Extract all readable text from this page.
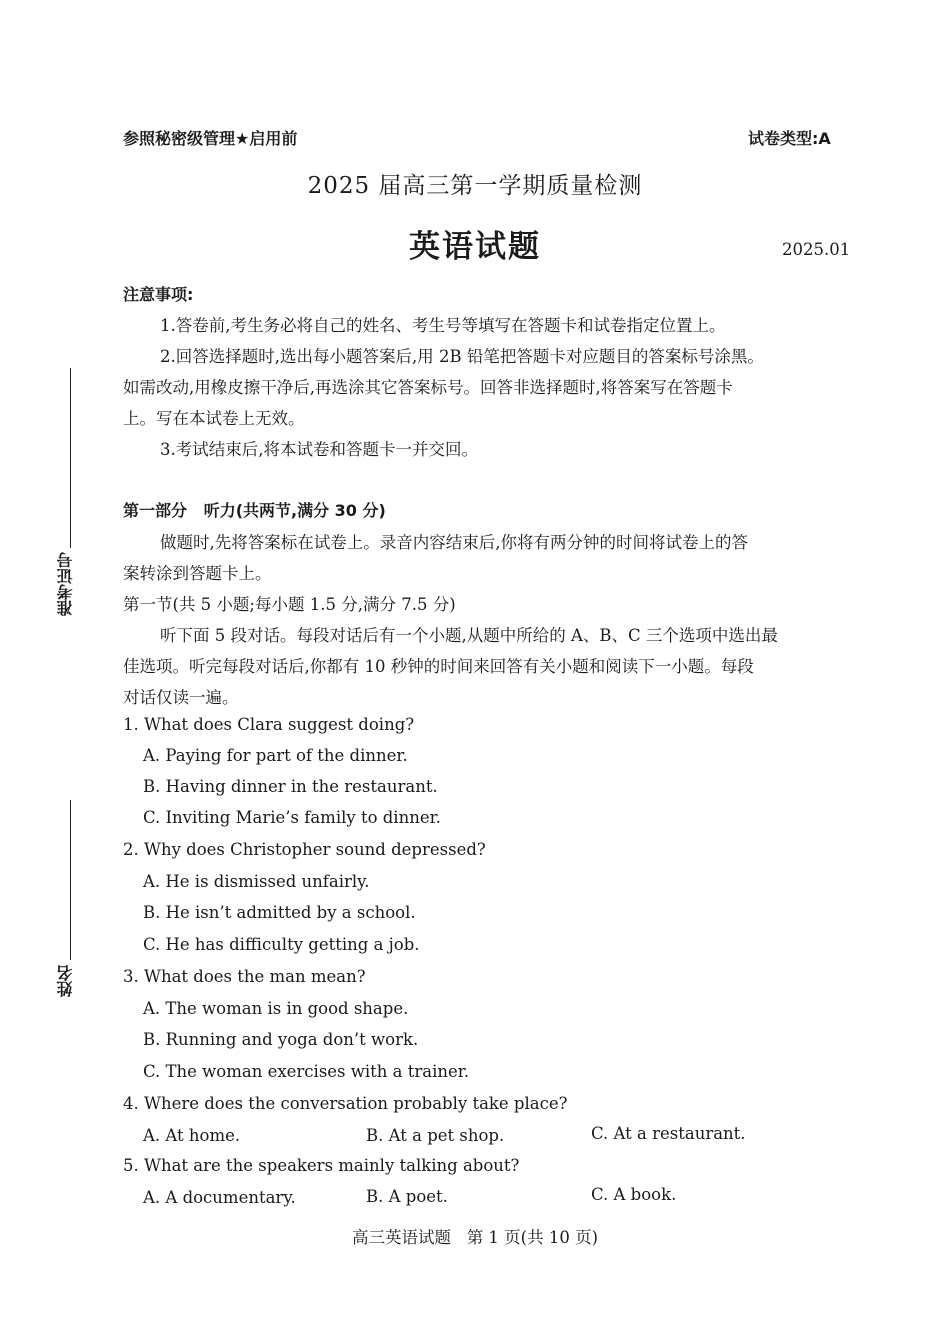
参照秘密级管理★启用前	试卷类型:A
2025 届高三第一学期质量检测
英语试题	2025.01
注意事项:
1.答卷前,考生务必将自己的姓名、考生号等填写在答题卡和试卷指定位置上。
2.回答选择题时,选出每小题答案后,用 2B 铅笔把答题卡对应题目的答案标号涂黑。
如需改动,用橡皮擦干净后,再选涂其它答案标号。回答非选择题时,将答案写在答题卡
上。写在本试卷上无效。
3.考试结束后,将本试卷和答题卡一并交回。
第一部分   听力(共两节,满分 30 分)
做题时,先将答案标在试卷上。录音内容结束后,你将有两分钟的时间将试卷上的答
案转涂到答题卡上。
第一节(共 5 小题;每小题 1.5 分,满分 7.5 分)
听下面 5 段对话。每段对话后有一个小题,从题中所给的 A、B、C 三个选项中选出最
佳选项。听完每段对话后,你都有 10 秒钟的时间来回答有关小题和阅读下一小题。每段
对话仅读一遍。
1. What does Clara suggest doing?
A. Paying for part of the dinner.
B. Having dinner in the restaurant.
C. Inviting Marie’s family to dinner.
2. Why does Christopher sound depressed?
A. He is dismissed unfairly.
B. He isn’t admitted by a school.
C. He has difficulty getting a job.
3. What does the man mean?
A. The woman is in good shape.
B. Running and yoga don’t work.
C. The woman exercises with a trainer.
4. Where does the conversation probably take place?
A. At home.	B. At a pet shop.	C. At a restaurant.
5. What are the speakers mainly talking about?
A. A documentary.	B. A poet.	C. A book.
高三英语试题   第 1 页(共 10 页)
准考证号
姓名
